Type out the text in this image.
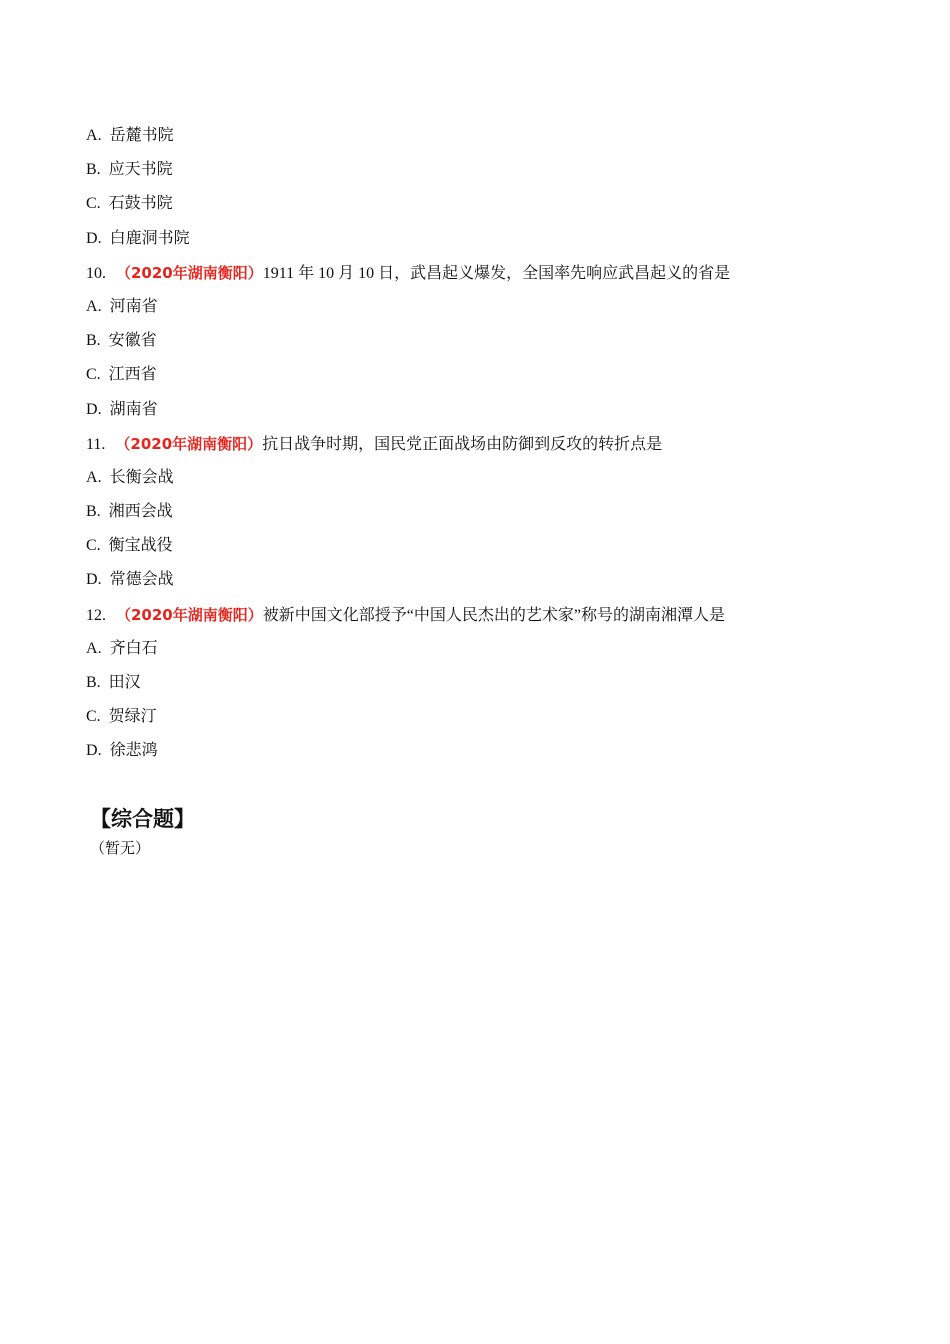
A. 岳麓书院
B. 应天书院
C. 石鼓书院
D. 白鹿洞书院
10. （2020年湖南衡阳）1911 年 10 月 10 日，武昌起义爆发，全国率先响应武昌起义的省是
A. 河南省
B. 安徽省
C. 江西省
D. 湖南省
11. （2020年湖南衡阳）抗日战争时期，国民党正面战场由防御到反攻的转折点是
A. 长衡会战
B. 湘西会战
C. 衡宝战役
D. 常德会战
12. （2020年湖南衡阳）被新中国文化部授予“中国人民杰出的艺术家”称号的湖南湘潭人是
A. 齐白石
B. 田汉
C. 贺绿汀
D. 徐悲鸿
【综合题】
（暂无）
